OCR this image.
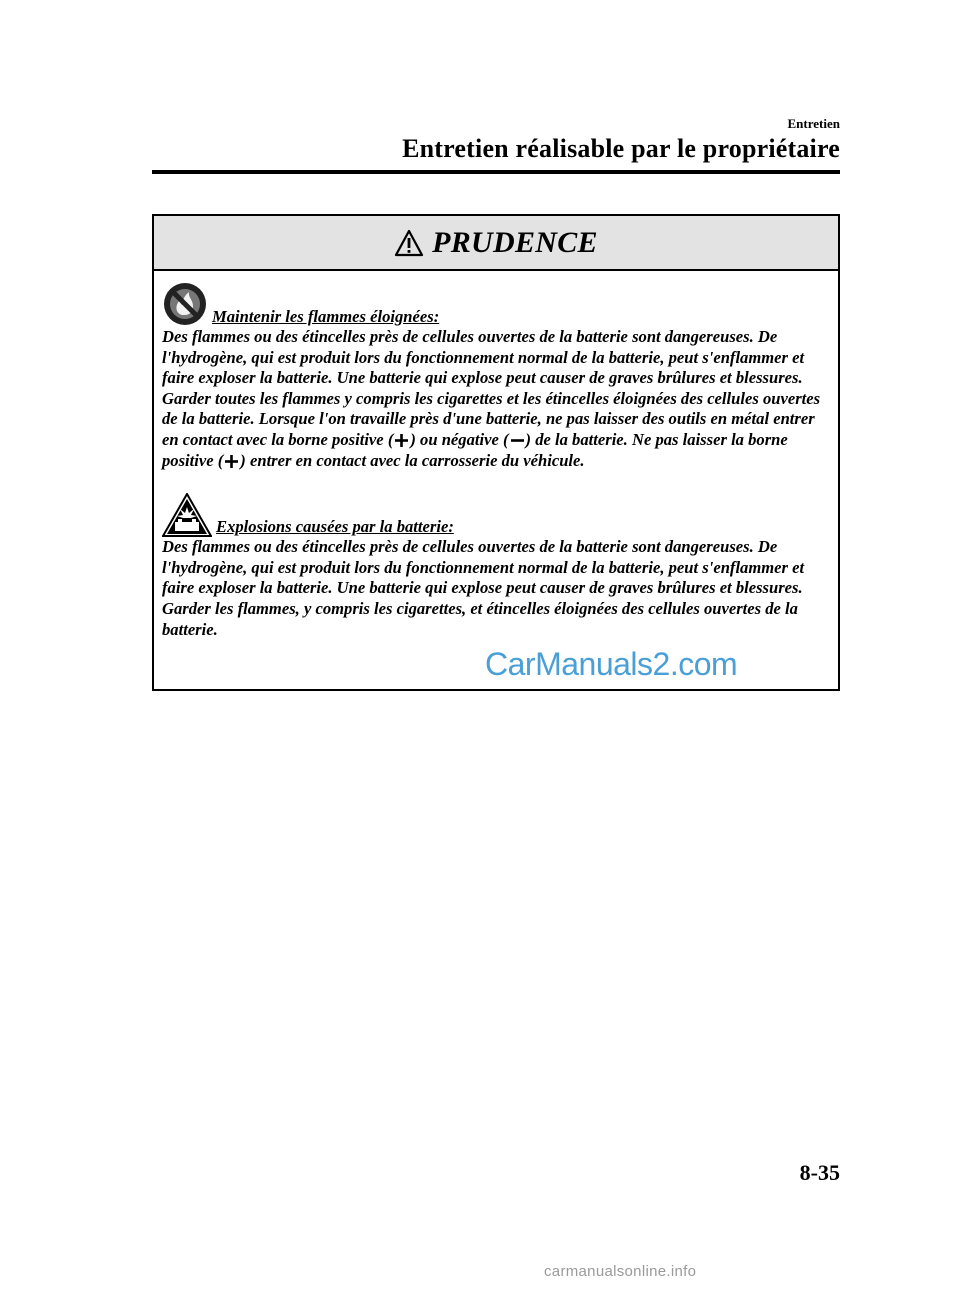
Entretien
Entretien réalisable par le propriétaire
PRUDENCE
Maintenir les flammes éloignées:

Des flammes ou des étincelles près de cellules ouvertes de la batterie sont dangereuses. De l'hydrogène, qui est produit lors du fonctionnement normal de la batterie, peut s'enflammer et faire exploser la batterie. Une batterie qui explose peut causer de graves brûlures et blessures. Garder toutes les flammes y compris les cigarettes et les étincelles éloignées des cellules ouvertes de la batterie. Lorsque l'on travaille près d'une batterie, ne pas laisser des outils en métal entrer en contact avec la borne positive ( ) ou négative ( ) de la batterie. Ne pas laisser la borne positive ( ) entrer en contact avec la carrosserie du véhicule.

Explosions causées par la batterie:

Des flammes ou des étincelles près de cellules ouvertes de la batterie sont dangereuses. De l'hydrogène, qui est produit lors du fonctionnement normal de la batterie, peut s'enflammer et faire exploser la batterie. Une batterie qui explose peut causer de graves brûlures et blessures. Garder les flammes, y compris les cigarettes, et étincelles éloignées des cellules ouvertes de la batterie.

CarManuals2.com
8-35
carmanualsonline.info
